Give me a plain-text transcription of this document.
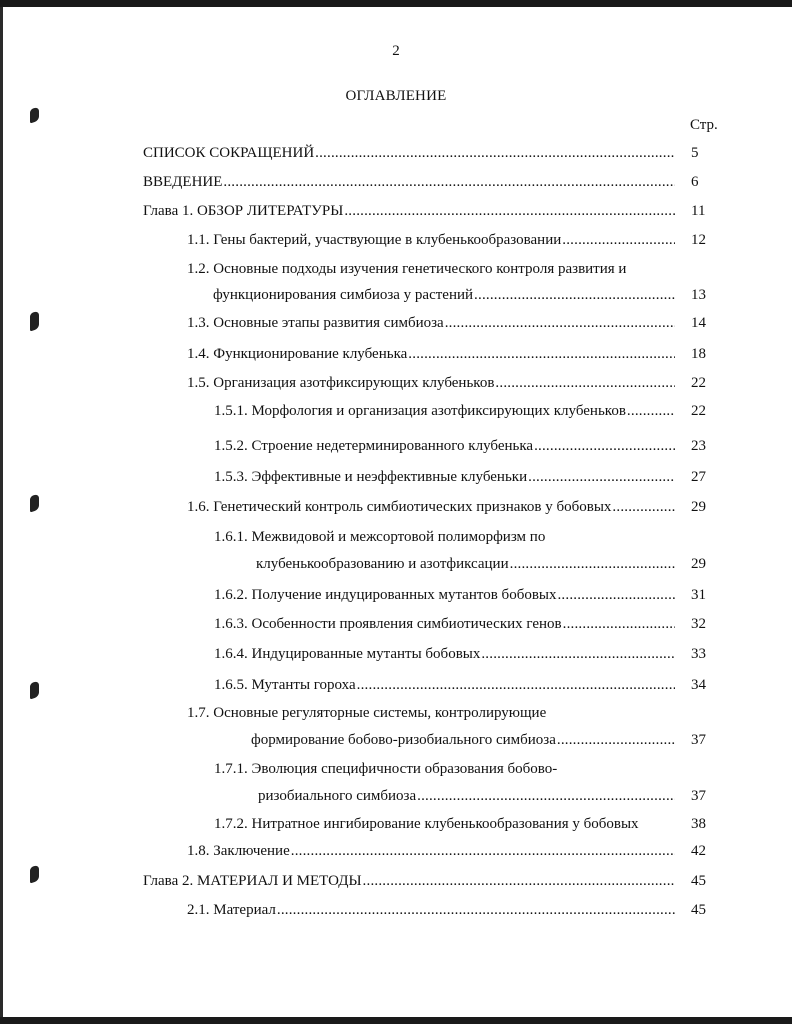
2
ОГЛАВЛЕНИЕ
Стр.
СПИСОК СОКРАЩЕНИЙ .....	5
ВВЕДЕНИЕ .....	6
Глава 1. ОБЗОР ЛИТЕРАТУРЫ .....	11
1.1. Гены бактерий, участвующие в клубенькообразовании .....	12
1.2. Основные подходы изучения генетического контроля развития и
функционирования симбиоза у растений .....	13
1.3. Основные этапы развития симбиоза .....	14
1.4. Функционирование клубенька .....	18
1.5. Организация азотфиксирующих клубеньков .....	22
1.5.1. Морфология и организация азотфиксирующих клубеньков .....	22
1.5.2. Строение недетерминированного клубенька .....	23
1.5.3. Эффективные и неэффективные клубеньки .....	27
1.6. Генетический контроль симбиотических признаков у бобовых .....	29
1.6.1. Межвидовой и межсортовой полиморфизм по
клубенькообразованию и азотфиксации .....	29
1.6.2. Получение индуцированных мутантов бобовых .....	31
1.6.3. Особенности проявления симбиотических генов .....	32
1.6.4. Индуцированные мутанты бобовых .....	33
1.6.5. Мутанты гороха .....	34
1.7. Основные регуляторные системы, контролирующие
формирование бобово-ризобиального симбиоза .....	37
1.7.1. Эволюция специфичности образования бобово-
ризобиального симбиоза .....	37
1.7.2. Нитратное ингибирование клубенькообразования у бобовых	38
1.8. Заключение .....	42
Глава 2. МАТЕРИАЛ И МЕТОДЫ .....	45
2.1. Материал .....	45
